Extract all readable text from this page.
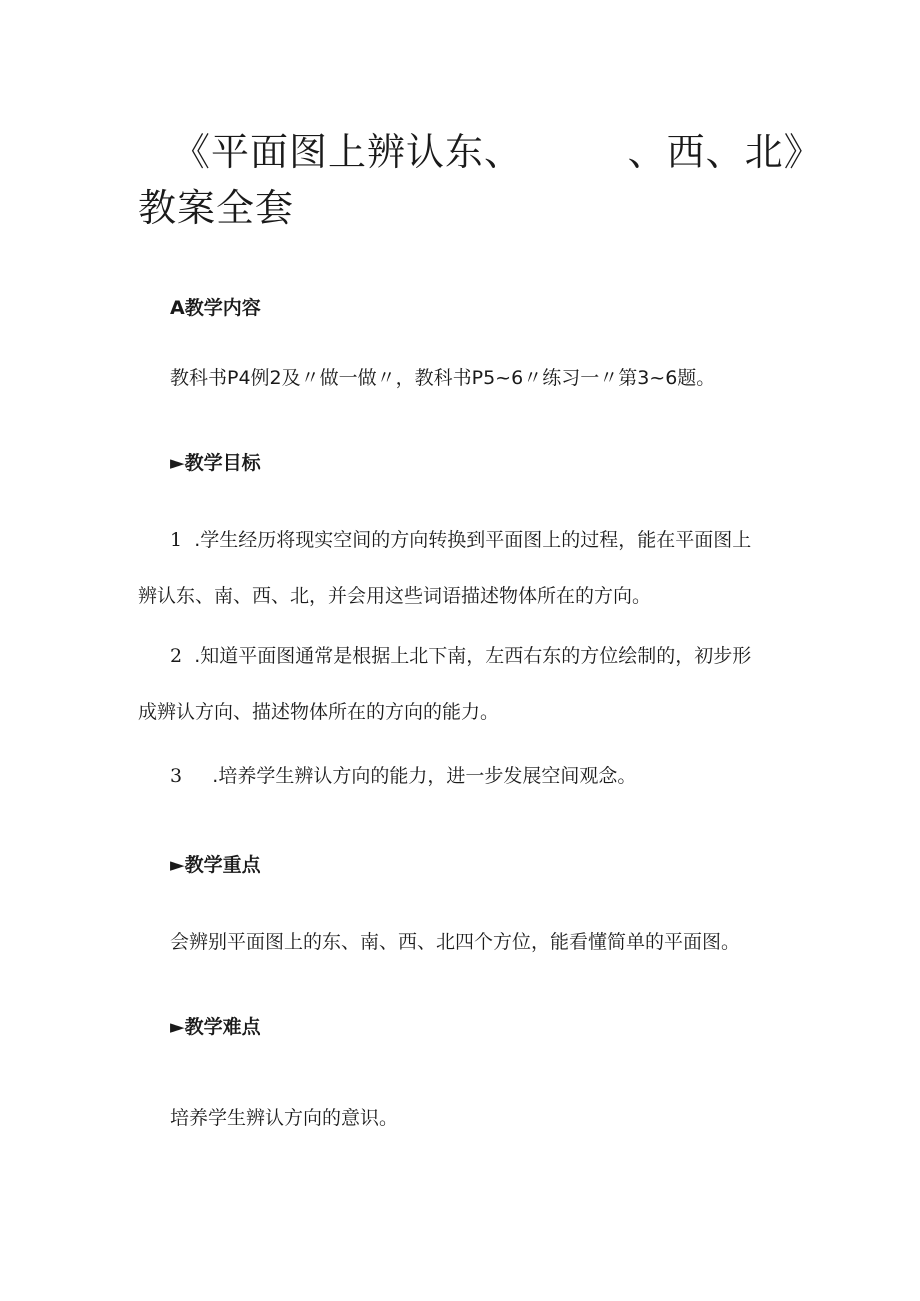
《平面图上辨认东、        、西、北》
教案全套
A教学内容

教科书P4例2及〃做一做〃，教科书P5~6〃练习一〃第3~6题。

►教学目标

1 .学生经历将现实空间的方向转换到平面图上的过程，能在平面图上
辨认东、南、西、北，并会用这些词语描述物体所在的方向。

2 .知道平面图通常是根据上北下南，左西右东的方位绘制的，初步形
成辨认方向、描述物体所在的方向的能力。

3 .培养学生辨认方向的能力，进一步发展空间观念。

►教学重点

会辨别平面图上的东、南、西、北四个方位，能看懂简单的平面图。

►教学难点

培养学生辨认方向的意识。
